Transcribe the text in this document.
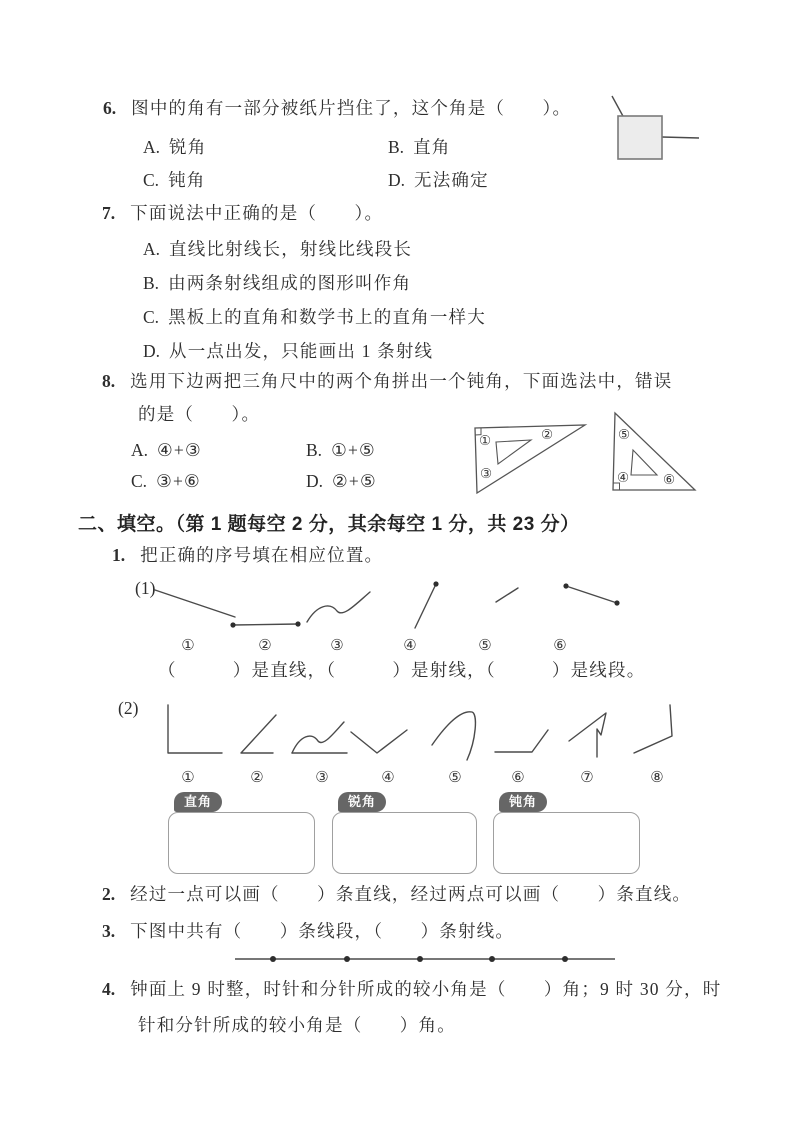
6. 图中的角有一部分被纸片挡住了，这个角是（　　）。
A. 锐角	B. 直角
C. 钝角	D. 无法确定
7. 下面说法中正确的是（　　）。
A. 直线比射线长，射线比线段长
B. 由两条射线组成的图形叫作角
C. 黑板上的直角和数学书上的直角一样大
D. 从一点出发，只能画出 1 条射线
8. 选用下边两把三角尺中的两个角拼出一个钝角，下面选法中，错误
的是（　　）。
A. ④+③	B. ①+⑤
C. ③+⑥	D. ②+⑤
①	②
③
⑤
④	⑥
二、填空。（第 1 题每空 2 分，其余每空 1 分，共 23 分）
1. 把正确的序号填在相应位置。
(1)
①	②	③	④	⑤	⑥
（　　　）是直线，（　　　）是射线，（　　　）是线段。
(2)
①	②	③	④	⑤	⑥	⑦	⑧
直角	锐角	钝角
2. 经过一点可以画（　　）条直线，经过两点可以画（　　）条直线。
3. 下图中共有（　　）条线段，（　　）条射线。
4. 钟面上 9 时整，时针和分针所成的较小角是（　　）角；9 时 30 分，时
针和分针所成的较小角是（　　）角。
